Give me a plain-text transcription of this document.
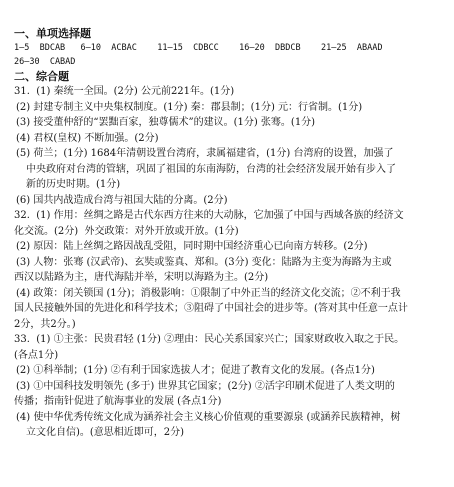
一、单项选择题
1—5  BDCAB   6—10  ACBAC    11—15  CDBCC    16—20  DBDCB    21—25  ABAAD
26—30  CABAD
二、综合题
31.  (1) 秦统一全国。(2分) 公元前221年。(1分)
(2) 封建专制主义中央集权制度。(1分) 秦：郡县制；(1分) 元：行省制。(1分)
(3) 接受董仲舒的“罢黜百家，独尊儒术”的建议。(1分) 张骞。(1分)
(4) 君权(皇权) 不断加强。(2分)
(5) 荷兰；(1分) 1684年清朝设置台湾府，隶属福建省，(1分) 台湾府的设置，加强了
中央政府对台湾的管辖，巩固了祖国的东南海防，台湾的社会经济发展开始有步入了
新的历史时期。(1分)
(6) 国共内战造成台湾与祖国大陆的分离。(2分)
32.  (1) 作用：丝绸之路是古代东西方往来的大动脉，它加强了中国与西域各族的经济文
化交流。(2分)  外交政策：对外开放或开放。(1分)
(2) 原因：陆上丝绸之路因战乱受阻，同时期中国经济重心已向南方转移。(2分)
(3) 人物：张骞 (汉武帝)、玄奘或鉴真、郑和。(3分) 变化：陆路为主变为海路为主或
西汉以陆路为主，唐代海陆并举，宋明以海路为主。(2分)
(4) 政策：闭关锁国 (1分)；消极影响：①限制了中外正当的经济文化交流；②不利于我
国人民接触外国的先进化和科学技术；③阻碍了中国社会的进步等。(答对其中任意一点计
2分，共2分。)
33.  (1) ①主张：民贵君轻 (1分) ②理由：民心关系国家兴亡；国家财政收入取之于民。
(各点1分)
(2) ①科举制；(1分) ②有利于国家选拔人才；促进了教育文化的发展。(各点1分)
(3) ①中国科技发明领先 (多于) 世界其它国家；(2分) ②活字印刷术促进了人类文明的
传播；指南针促进了航海事业的发展 (各点1分)
(4) 使中华优秀传统文化成为涵养社会主义核心价值观的重要源泉 (或涵养民族精神，树
立文化自信)。(意思相近即可，2分)
